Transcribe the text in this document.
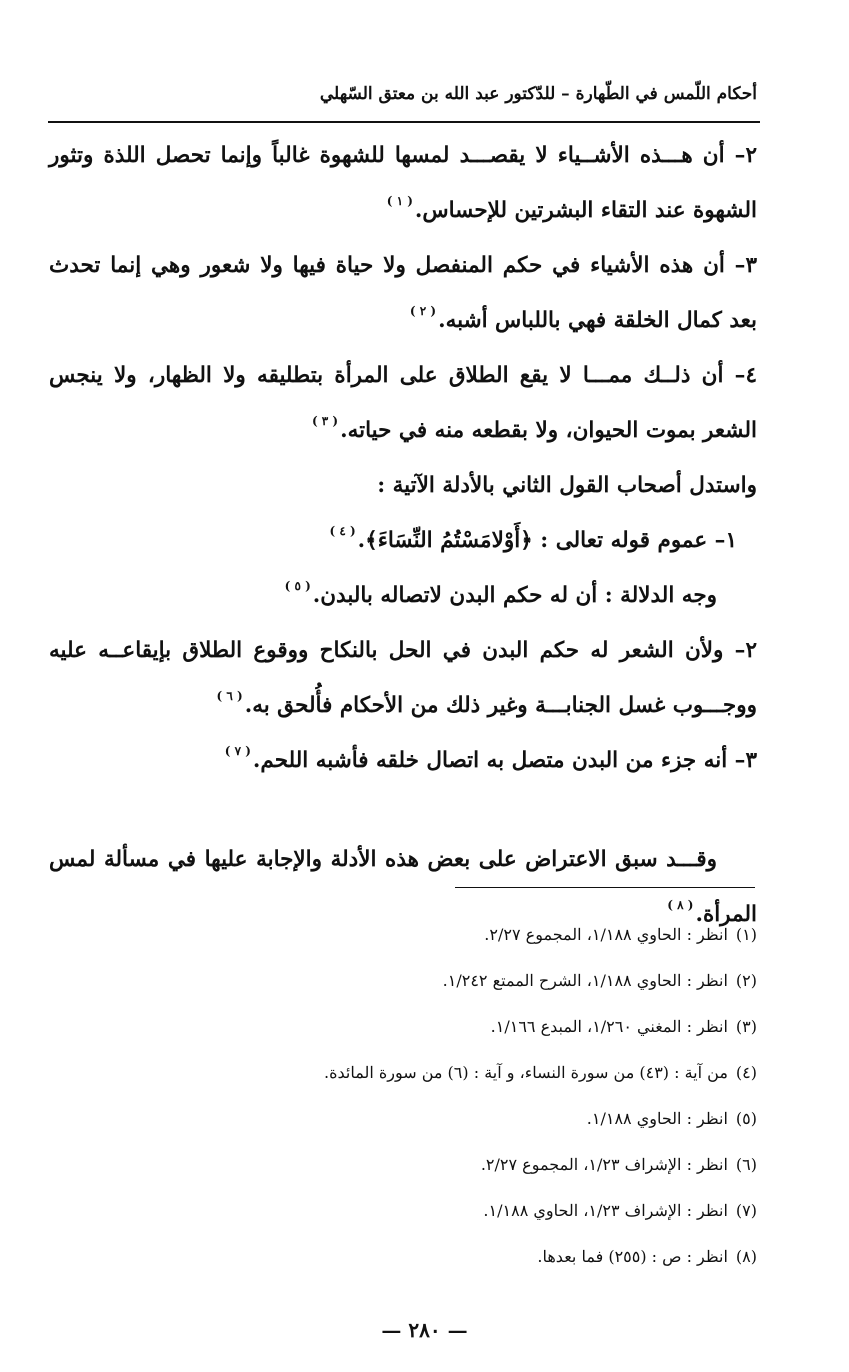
أحكام اللّمس في الطّهارة – للدّكتور عبد الله بن معتق السّهلي

٢– أن هـــذه الأشــياء لا يقصـــد لمسها للشهوة غالباً وإنما تحصل اللذة وتثور الشهوة عند التقاء البشرتين للإحساس.$^{( ١ )}$

٣– أن هذه الأشياء في حكم المنفصل ولا حياة فيها ولا شعور وهي إنما تحدث بعد كمال الخلقة فهي باللباس أشبه.$^{( ٢ )}$

٤– أن ذلــك ممـــا لا يقع الطلاق على المرأة بتطليقه ولا الظهار، ولا ينجس الشعر بموت الحيوان، ولا بقطعه منه في حياته.$^{( ٣ )}$

واستدل أصحاب القول الثاني بالأدلة الآتية :

١– عموم قوله تعالى : ﴿أَوْلامَسْتُمُ النِّسَاءَ﴾.$^{( ٤ )}$

وجه الدلالة : أن له حكم البدن لاتصاله بالبدن.$^{( ٥ )}$

٢– ولأن الشعر له حكم البدن في الحل بالنكاح ووقوع الطلاق بإيقاعــه عليه ووجـــوب غسل الجنابـــة وغير ذلك من الأحكام فأُلحق به.$^{( ٦ )}$

٣– أنه جزء من البدن متصل به اتصال خلقه فأشبه اللحم.$^{( ٧ )}$

وقـــد سبق الاعتراض على بعض هذه الأدلة والإجابة عليها في مسألة لمس المرأة.$^{( ٨ )}$

(١)انظر : الحاوي ١/١٨٨، المجموع ٢/٢٧.
(٢)انظر : الحاوي ١/١٨٨، الشرح الممتع ١/٢٤٢.
(٣)انظر : المغني ١/٢٦٠، المبدع ١/١٦٦.
(٤)من آية : (٤٣) من سورة النساء، و آية : (٦) من سورة المائدة.
(٥)انظر : الحاوي ١/١٨٨.
(٦)انظر : الإشراف ١/٢٣، المجموع ٢/٢٧.
(٧)انظر : الإشراف ١/٢٣، الحاوي ١/١٨٨.
(٨)انظر : ص : (٢٥٥) فما بعدها.
— ٢٨٠ —
